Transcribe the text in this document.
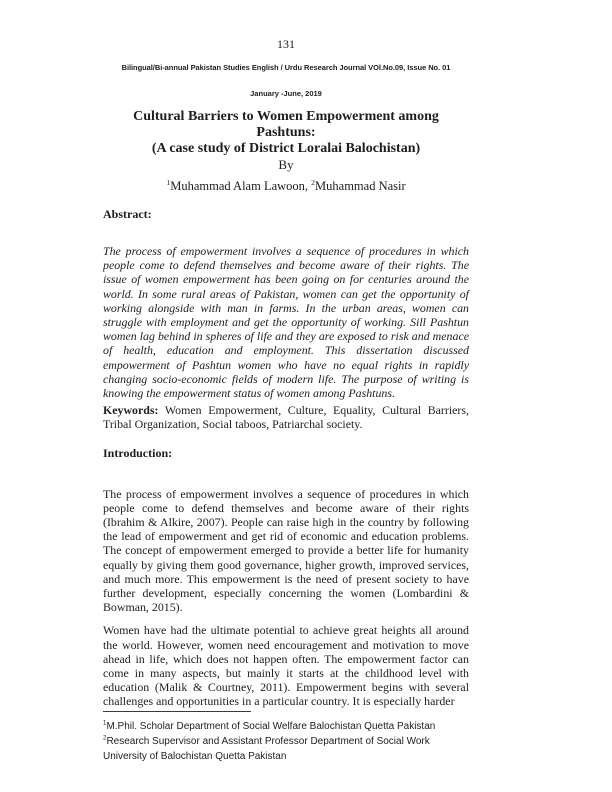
131
Bilingual/Bi-annual Pakistan Studies English / Urdu Research Journal VOl.No.09, Issue No. 01
January -June, 2019
Cultural Barriers to Women Empowerment among
Pashtuns:
(A case study of District Loralai Balochistan)
By
$^1$Muhammad Alam Lawoon, $^2$Muhammad Nasir
Abstract:

The process of empowerment involves a sequence of procedures in which people come to defend themselves and become aware of their rights. The issue of women empowerment has been going on for centuries around the world. In some rural areas of Pakistan, women can get the opportunity of working alongside with man in farms. In the urban areas, women can struggle with employment and get the opportunity of working. Sill Pashtun women lag behind in spheres of life and they are exposed to risk and menace of health, education and employment. This dissertation discussed empowerment of Pashtun women who have no equal rights in rapidly changing socio-economic fields of modern life. The purpose of writing is knowing the empowerment status of women among Pashtuns.

Keywords: Women Empowerment, Culture, Equality, Cultural Barriers, Tribal Organization, Social taboos, Patriarchal society.

Introduction:

The process of empowerment involves a sequence of procedures in which people come to defend themselves and become aware of their rights (Ibrahim & Alkire, 2007). People can raise high in the country by following the lead of empowerment and get rid of economic and education problems. The concept of empowerment emerged to provide a better life for humanity equally by giving them good governance, higher growth, improved services, and much more. This empowerment is the need of present society to have further development, especially concerning the women (Lombardini & Bowman, 2015).

Women have had the ultimate potential to achieve great heights all around the world. However, women need encouragement and motivation to move ahead in life, which does not happen often. The empowerment factor can come in many aspects, but mainly it starts at the childhood level with education (Malik & Courtney, 2011). Empowerment begins with several challenges and opportunities in a particular country. It is especially harder

$^1$M.Phil. Scholar Department of Social Welfare Balochistan Quetta Pakistan
$^2$Research Supervisor and Assistant Professor Department of Social Work University of Balochistan Quetta Pakistan
